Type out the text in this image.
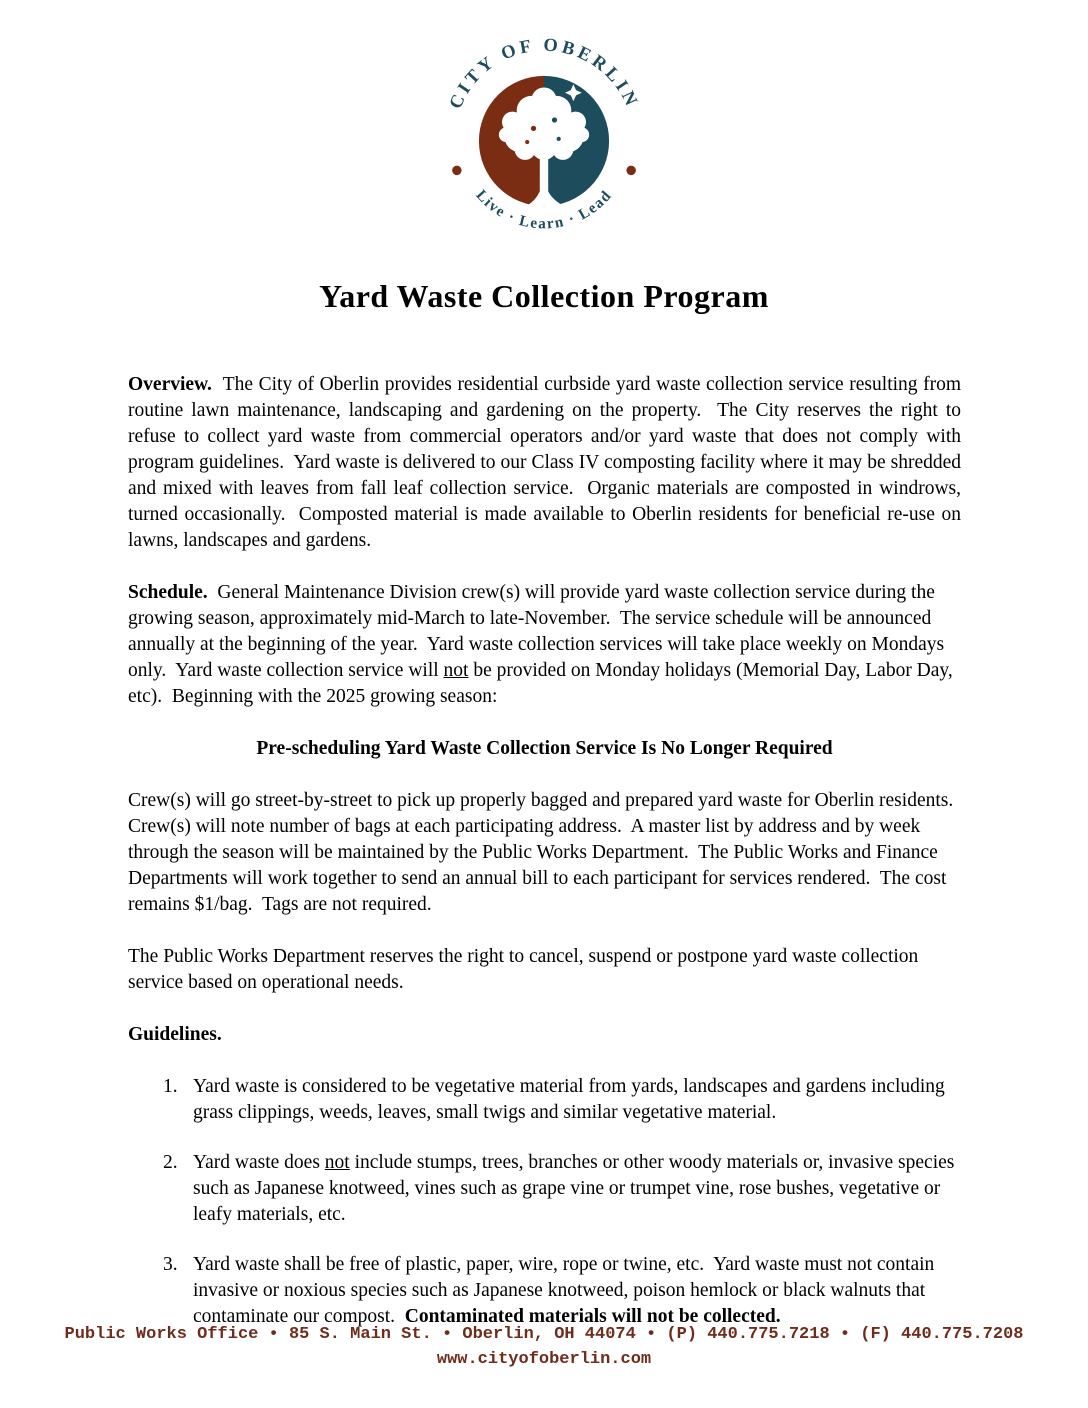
CITY OF OBERLIN
Live · Learn · Lead
Yard Waste Collection Program

Overview.  The City of Oberlin provides residential curbside yard waste collection service resulting from routine lawn maintenance, landscaping and gardening on the property.  The City reserves the right to refuse to collect yard waste from commercial operators and/or yard waste that does not comply with program guidelines.  Yard waste is delivered to our Class IV composting facility where it may be shredded and mixed with leaves from fall leaf collection service.  Organic materials are composted in windrows, turned occasionally.  Composted material is made available to Oberlin residents for beneficial re-use on lawns, landscapes and gardens.

Schedule.  General Maintenance Division crew(s) will provide yard waste collection service during the growing season, approximately mid-March to late-November.  The service schedule will be announced annually at the beginning of the year.  Yard waste collection services will take place weekly on Mondays only.  Yard waste collection service will not be provided on Monday holidays (Memorial Day, Labor Day, etc).  Beginning with the 2025 growing season:

Pre-scheduling Yard Waste Collection Service Is No Longer Required

Crew(s) will go street-by-street to pick up properly bagged and prepared yard waste for Oberlin residents.  Crew(s) will note number of bags at each participating address.  A master list by address and by week through the season will be maintained by the Public Works Department.  The Public Works and Finance Departments will work together to send an annual bill to each participant for services rendered.  The cost remains $1/bag.  Tags are not required.

The Public Works Department reserves the right to cancel, suspend or postpone yard waste collection service based on operational needs.

Guidelines.

1. Yard waste is considered to be vegetative material from yards, landscapes and gardens including grass clippings, weeds, leaves, small twigs and similar vegetative material.
2. Yard waste does not include stumps, trees, branches or other woody materials or, invasive species such as Japanese knotweed, vines such as grape vine or trumpet vine, rose bushes, vegetative or leafy materials, etc.
3. Yard waste shall be free of plastic, paper, wire, rope or twine, etc.  Yard waste must not contain invasive or noxious species such as Japanese knotweed, poison hemlock or black walnuts that contaminate our compost.  Contaminated materials will not be collected.
Public Works Office • 85 S. Main St. • Oberlin, OH 44074 • (P) 440.775.7218 • (F) 440.775.7208
www.cityofoberlin.com
